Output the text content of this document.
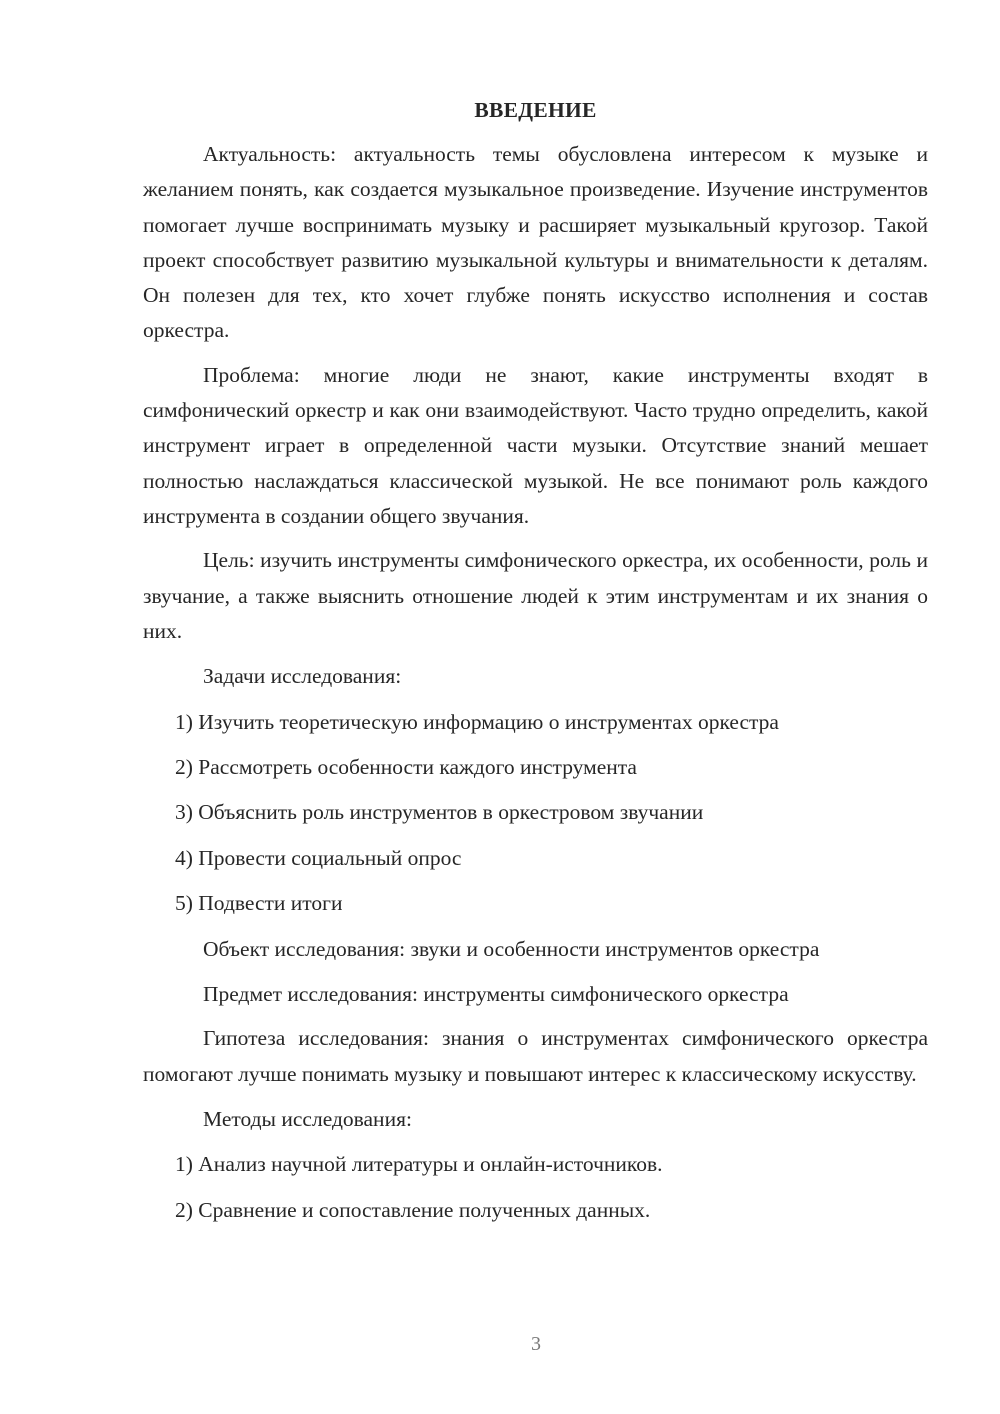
ВВЕДЕНИЕ

Актуальность: актуальность темы обусловлена интересом к музыке и желанием понять, как создается музыкальное произведение. Изучение инструментов помогает лучше воспринимать музыку и расширяет музыкальный кругозор. Такой проект способствует развитию музыкальной культуры и внимательности к деталям. Он полезен для тех, кто хочет глубже понять искусство исполнения и состав оркестра.

Проблема: многие люди не знают, какие инструменты входят в симфонический оркестр и как они взаимодействуют. Часто трудно определить, какой инструмент играет в определенной части музыки. Отсутствие знаний мешает полностью наслаждаться классической музыкой. Не все понимают роль каждого инструмента в создании общего звучания.

Цель: изучить инструменты симфонического оркестра, их особенности, роль и звучание, а также выяснить отношение людей к этим инструментам и их знания о них.

Задачи исследования:

1) Изучить теоретическую информацию о инструментах оркестра

2) Рассмотреть особенности каждого инструмента

3) Объяснить роль инструментов в оркестровом звучании

4) Провести социальный опрос

5) Подвести итоги

Объект исследования: звуки и особенности инструментов оркестра

Предмет исследования: инструменты симфонического оркестра

Гипотеза исследования: знания о инструментах симфонического оркестра помогают лучше понимать музыку и повышают интерес к классическому искусству.

Методы исследования:

1) Анализ научной литературы и онлайн-источников.

2) Сравнение и сопоставление полученных данных.

3
